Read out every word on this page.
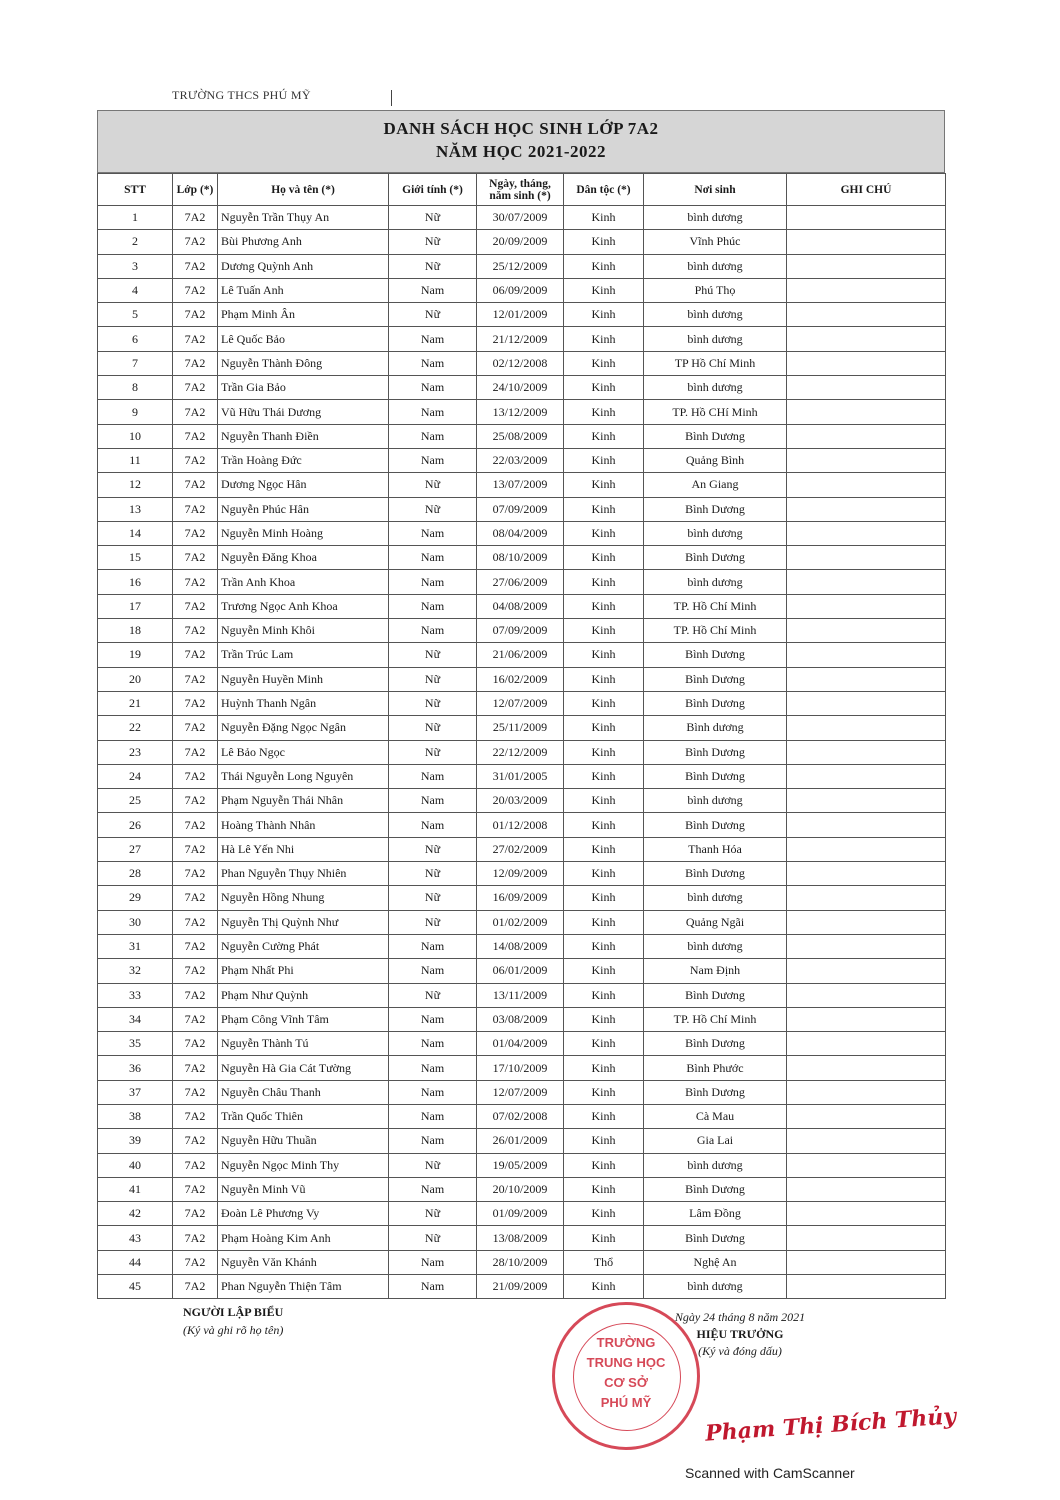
TRƯỜNG THCS PHÚ MỸ
DANH SÁCH HỌC SINH LỚP 7A2
NĂM HỌC 2021-2022
STT	Lớp (*)	Họ và tên (*)	Giới tính (*)	Ngày, tháng, năm sinh (*)	Dân tộc (*)	Nơi sinh	GHI CHÚ
1	7A2	Nguyễn Trần Thụy An	Nữ	30/07/2009	Kinh	bình dương	
2	7A2	Bùi Phương Anh	Nữ	20/09/2009	Kinh	Vĩnh Phúc	
3	7A2	Dương Quỳnh Anh	Nữ	25/12/2009	Kinh	bình dương	
4	7A2	Lê Tuấn Anh	Nam	06/09/2009	Kinh	Phú Thọ	
5	7A2	Phạm Minh Ân	Nữ	12/01/2009	Kinh	bình dương	
6	7A2	Lê Quốc Bảo	Nam	21/12/2009	Kinh	bình dương	
7	7A2	Nguyễn Thành Đông	Nam	02/12/2008	Kinh	TP Hồ Chí Minh	
8	7A2	Trần Gia Bảo	Nam	24/10/2009	Kinh	bình dương	
9	7A2	Vũ Hữu Thái Dương	Nam	13/12/2009	Kinh	TP. Hồ CHí Minh	
10	7A2	Nguyễn Thanh Điền	Nam	25/08/2009	Kinh	Bình Dương	
11	7A2	Trần Hoàng Đức	Nam	22/03/2009	Kinh	Quảng Bình	
12	7A2	Dương Ngọc Hân	Nữ	13/07/2009	Kinh	An Giang	
13	7A2	Nguyễn Phúc Hân	Nữ	07/09/2009	Kinh	Bình Dương	
14	7A2	Nguyễn Minh Hoàng	Nam	08/04/2009	Kinh	bình dương	
15	7A2	Nguyễn Đăng Khoa	Nam	08/10/2009	Kinh	Bình Dương	
16	7A2	Trần Anh Khoa	Nam	27/06/2009	Kinh	bình dương	
17	7A2	Trương Ngọc Anh Khoa	Nam	04/08/2009	Kinh	TP. Hồ Chí Minh	
18	7A2	Nguyễn Minh Khôi	Nam	07/09/2009	Kinh	TP. Hồ Chí Minh	
19	7A2	Trần Trúc Lam	Nữ	21/06/2009	Kinh	Bình Dương	
20	7A2	Nguyễn Huyền Minh	Nữ	16/02/2009	Kinh	Bình Dương	
21	7A2	Huỳnh Thanh Ngân	Nữ	12/07/2009	Kinh	Bình Dương	
22	7A2	Nguyễn Đặng Ngọc Ngân	Nữ	25/11/2009	Kinh	Bình dương	
23	7A2	Lê Bảo Ngọc	Nữ	22/12/2009	Kinh	Bình Dương	
24	7A2	Thái Nguyễn Long Nguyên	Nam	31/01/2005	Kinh	Bình Dương	
25	7A2	Phạm Nguyễn Thái Nhân	Nam	20/03/2009	Kinh	bình dương	
26	7A2	Hoàng Thành Nhân	Nam	01/12/2008	Kinh	Bình Dương	
27	7A2	Hà Lê Yến Nhi	Nữ	27/02/2009	Kinh	Thanh Hóa	
28	7A2	Phan Nguyễn Thụy Nhiên	Nữ	12/09/2009	Kinh	Bình Dương	
29	7A2	Nguyễn Hồng Nhung	Nữ	16/09/2009	Kinh	bình dương	
30	7A2	Nguyễn Thị Quỳnh Như	Nữ	01/02/2009	Kinh	Quảng Ngãi	
31	7A2	Nguyễn Cường Phát	Nam	14/08/2009	Kinh	bình dương	
32	7A2	Phạm Nhất Phi	Nam	06/01/2009	Kinh	Nam Định	
33	7A2	Phạm Như Quỳnh	Nữ	13/11/2009	Kinh	Bình Dương	
34	7A2	Phạm Công Vĩnh Tâm	Nam	03/08/2009	Kinh	TP. Hồ Chí Minh	
35	7A2	Nguyễn Thành Tú	Nam	01/04/2009	Kinh	Bình Dương	
36	7A2	Nguyễn Hà Gia Cát Tường	Nam	17/10/2009	Kinh	Bình Phước	
37	7A2	Nguyễn Châu Thanh	Nam	12/07/2009	Kinh	Bình Dương	
38	7A2	Trần Quốc Thiên	Nam	07/02/2008	Kinh	Cà Mau	
39	7A2	Nguyễn Hữu Thuần	Nam	26/01/2009	Kinh	Gia Lai	
40	7A2	Nguyễn Ngọc Minh Thy	Nữ	19/05/2009	Kinh	bình dương	
41	7A2	Nguyễn Minh Vũ	Nam	20/10/2009	Kinh	Bình Dương	
42	7A2	Đoàn Lê Phương Vy	Nữ	01/09/2009	Kinh	Lâm Đồng	
43	7A2	Phạm Hoàng Kim Anh	Nữ	13/08/2009	Kinh	Bình Dương	
44	7A2	Nguyễn Văn Khánh	Nam	28/10/2009	Thổ	Nghệ An	
45	7A2	Phan Nguyễn Thiện Tâm	Nam	21/09/2009	Kinh	bình dương	
NGƯỜI LẬP BIỂU
(Ký và ghi rõ họ tên)
TRƯỜNG
TRUNG HỌC
CƠ SỞ
PHÚ MỸ
Ngày 24 tháng 8 năm 2021
HIỆU TRƯỞNG
(Ký và đóng dấu)
Phạm Thị Bích Thủy
Scanned with CamScanner
